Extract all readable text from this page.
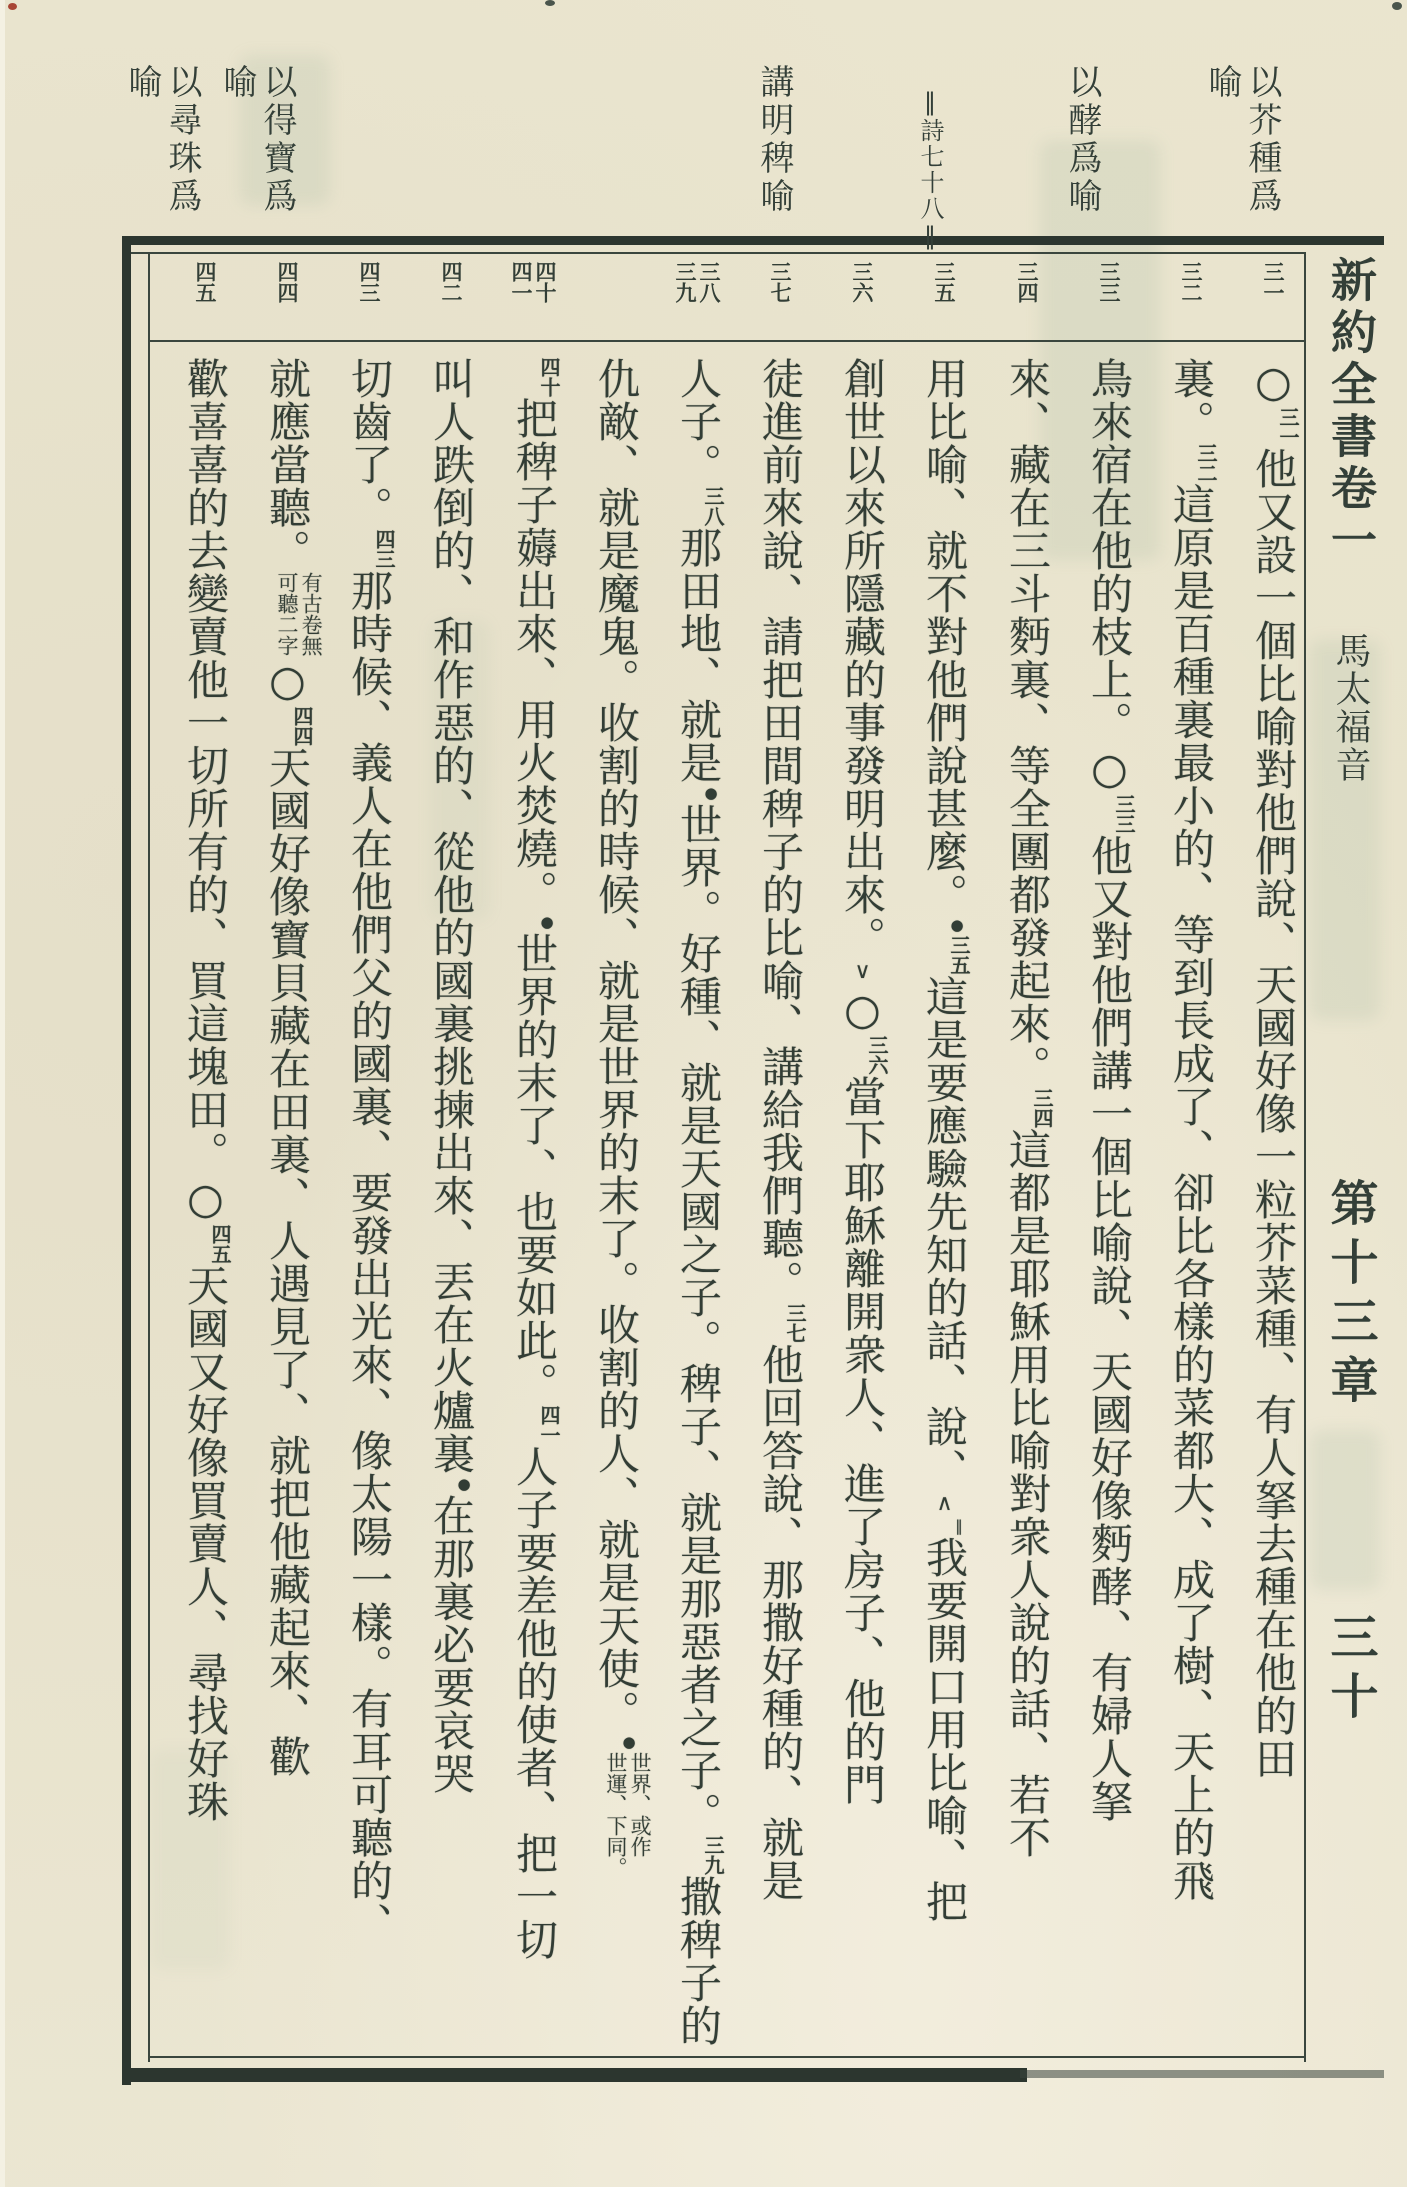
以芥種爲
喻
以酵爲喻
‖詩七十八‖
講明稗喻
以得寶爲
喻
以尋珠爲
喻
新約全書卷一
馬太福音
第十三章
三十
三一
三二
三三
三四
三五
三六
三七
三八
三九
四十
四一
四二
四三
四四
四五
○三一他又設一個比喻對他們說、天國好像一粒芥菜種、有人拏去種在他的田
裏。三二這原是百種裏最小的、等到長成了、卻比各樣的菜都大、成了樹、天上的飛
鳥來宿在他的枝上。○三三他又對他們講一個比喻說、天國好像麪酵、有婦人拏
來、藏在三斗麪裏、等全團都發起來。三四這都是耶穌用比喻對衆人說的話、若不
用比喻、就不對他們說甚麼。●三五這是要應驗先知的話、說、∧‖我要開口用比喻、把
創世以來所隱藏的事發明出來。∨○三六當下耶穌離開衆人、進了房子、他的門
徒進前來說、請把田間稗子的比喻、講給我們聽。三七他回答說、那撒好種的、就是
人子。三八那田地、就是●世界。好種、就是天國之子。稗子、就是那惡者之子。三九撒稗子的
仇敵、就是魔鬼。收割的時候、就是世界的末了。收割的人、就是天使。●
世界、或作
世運、下同。
四十把稗子薅出來、用火焚燒。●世界的末了、也要如此。四一人子要差他的使者、把一切
叫人跌倒的、和作惡的、從他的國裏挑揀出來、丟在火爐裏●在那裏必要哀哭
切齒了。四三那時候、義人在他們父的國裏、要發出光來、像太陽一樣。有耳可聽的、
就應當聽。
有古卷無
可聽二字
○四四天國好像寶貝藏在田裏、人遇見了、就把他藏起來、歡
歡喜喜的去變賣他一切所有的、買這塊田。○四五天國又好像買賣人、尋找好珠
